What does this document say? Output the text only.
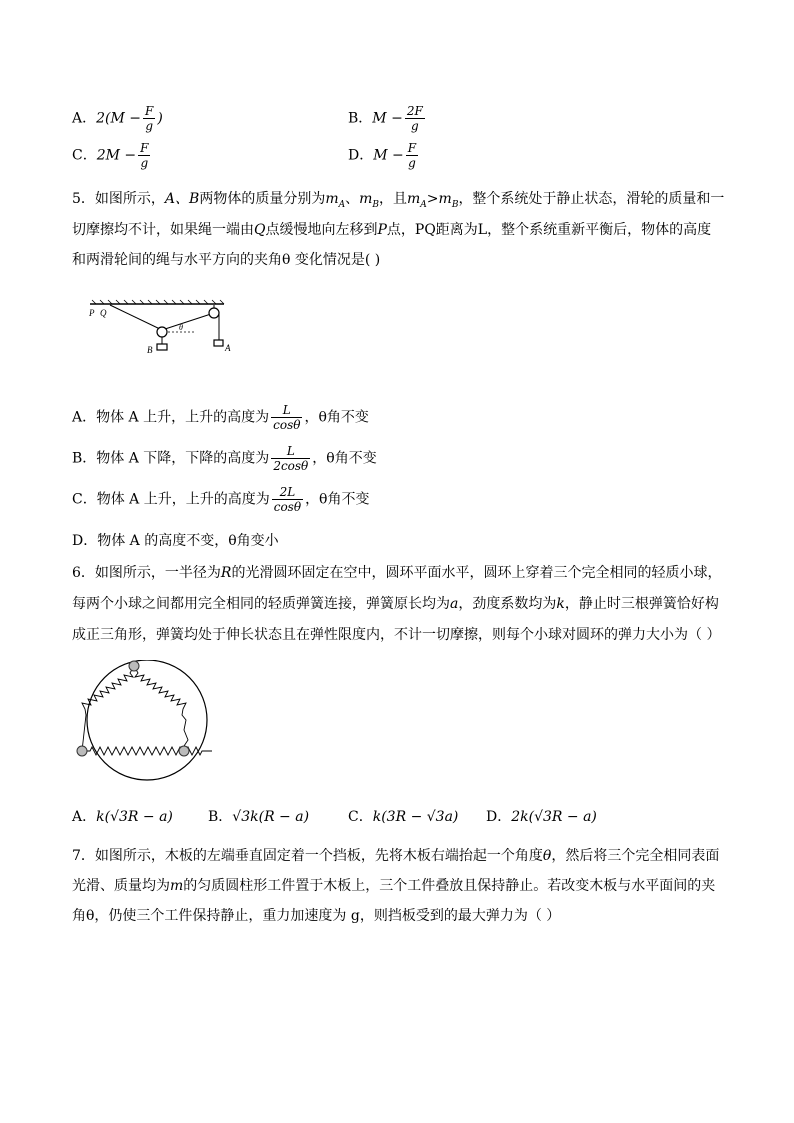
A．$2(M - \frac{F}{g}$ )	B．$M - \frac{2F}{g}$
C．$2M - \frac{F}{g}$	D．$M - \frac{F}{g}$
5．如图所示，A、B两物体的质量分别为$m_A$、$m_B$，且$m_A>m_B$，整个系统处于静止状态，滑轮的质量和一
切摩擦均不计，如果绳一端由Q点缓慢地向左移到P点，PQ距离为L，整个系统重新平衡后，物体的高度
和两滑轮间的绳与水平方向的夹角θ 变化情况是( )
P Q
θ
B	A
A．物体 A 上升，上升的高度为 $\frac{L}{\cos\theta}$ ，θ角不变
B．物体 A 下降，下降的高度为 $\frac{L}{2\cos\theta}$ ，θ角不变
C．物体 A 上升，上升的高度为 $\frac{2L}{\cos\theta}$ ，θ角不变
D．物体 A 的高度不变，θ角变小
6．如图所示，一半径为R的光滑圆环固定在空中，圆环平面水平，圆环上穿着三个完全相同的轻质小球，
每两个小球之间都用完全相同的轻质弹簧连接，弹簧原长均为a，劲度系数均为k，静止时三根弹簧恰好构
成正三角形，弹簧均处于伸长状态且在弹性限度内，不计一切摩擦，则每个小球对圆环的弹力大小为（ ）
A．k(√3R − a)	B．√3k(R − a)	C．k(3R − √3a) D．2k(√3R − a)
7．如图所示，木板的左端垂直固定着一个挡板，先将木板右端抬起一个角度θ，然后将三个完全相同表面
光滑、质量均为m的匀质圆柱形工件置于木板上，三个工件叠放且保持静止。若改变木板与水平面间的夹
角θ，仍使三个工件保持静止，重力加速度为 g，则挡板受到的最大弹力为（ ）
